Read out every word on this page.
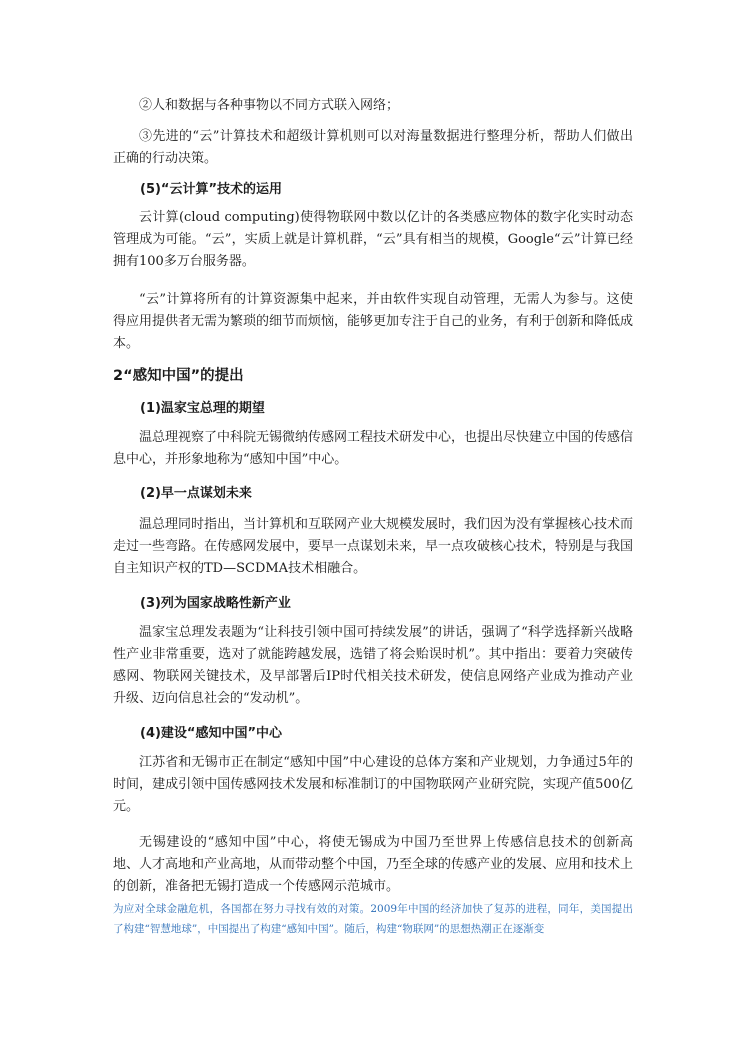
②人和数据与各种事物以不同方式联入网络；

③先进的“云”计算技术和超级计算机则可以对海量数据进行整理分析，帮助人们做出正确的行动决策。

(5)“云计算”技术的运用

云计算(cloud computing)使得物联网中数以亿计的各类感应物体的数字化实时动态管理成为可能。“云”，实质上就是计算机群，“云”具有相当的规模，Google“云”计算已经拥有100多万台服务器。

“云”计算将所有的计算资源集中起来，并由软件实现自动管理，无需人为参与。这使得应用提供者无需为繁琐的细节而烦恼，能够更加专注于自己的业务，有利于创新和降低成本。

2“感知中国”的提出
(1)温家宝总理的期望

温总理视察了中科院无锡微纳传感网工程技术研发中心，也提出尽快建立中国的传感信息中心，并形象地称为“感知中国”中心。

(2)早一点谋划未来

温总理同时指出，当计算机和互联网产业大规模发展时，我们因为没有掌握核心技术而走过一些弯路。在传感网发展中，要早一点谋划未来，早一点攻破核心技术，特别是与我国自主知识产权的TD—SCDMA技术相融合。

(3)列为国家战略性新产业

温家宝总理发表题为“让科技引领中国可持续发展”的讲话，强调了“科学选择新兴战略性产业非常重要，选对了就能跨越发展，选错了将会贻误时机”。其中指出：要着力突破传感网、物联网关键技术，及早部署后IP时代相关技术研发，使信息网络产业成为推动产业升级、迈向信息社会的“发动机”。

(4)建设“感知中国”中心

江苏省和无锡市正在制定“感知中国”中心建设的总体方案和产业规划，力争通过5年的时间，建成引领中国传感网技术发展和标准制订的中国物联网产业研究院，实现产值500亿元。

无锡建设的“感知中国”中心，将使无锡成为中国乃至世界上传感信息技术的创新高地、人才高地和产业高地，从而带动整个中国，乃至全球的传感产业的发展、应用和技术上的创新，准备把无锡打造成一个传感网示范城市。

为应对全球金融危机，各国都在努力寻找有效的对策。2009年中国的经济加快了复苏的进程，同年，美国提出了构建“智慧地球”，中国提出了构建“感知中国”。随后，构建“物联网”的思想热潮正在逐渐变
